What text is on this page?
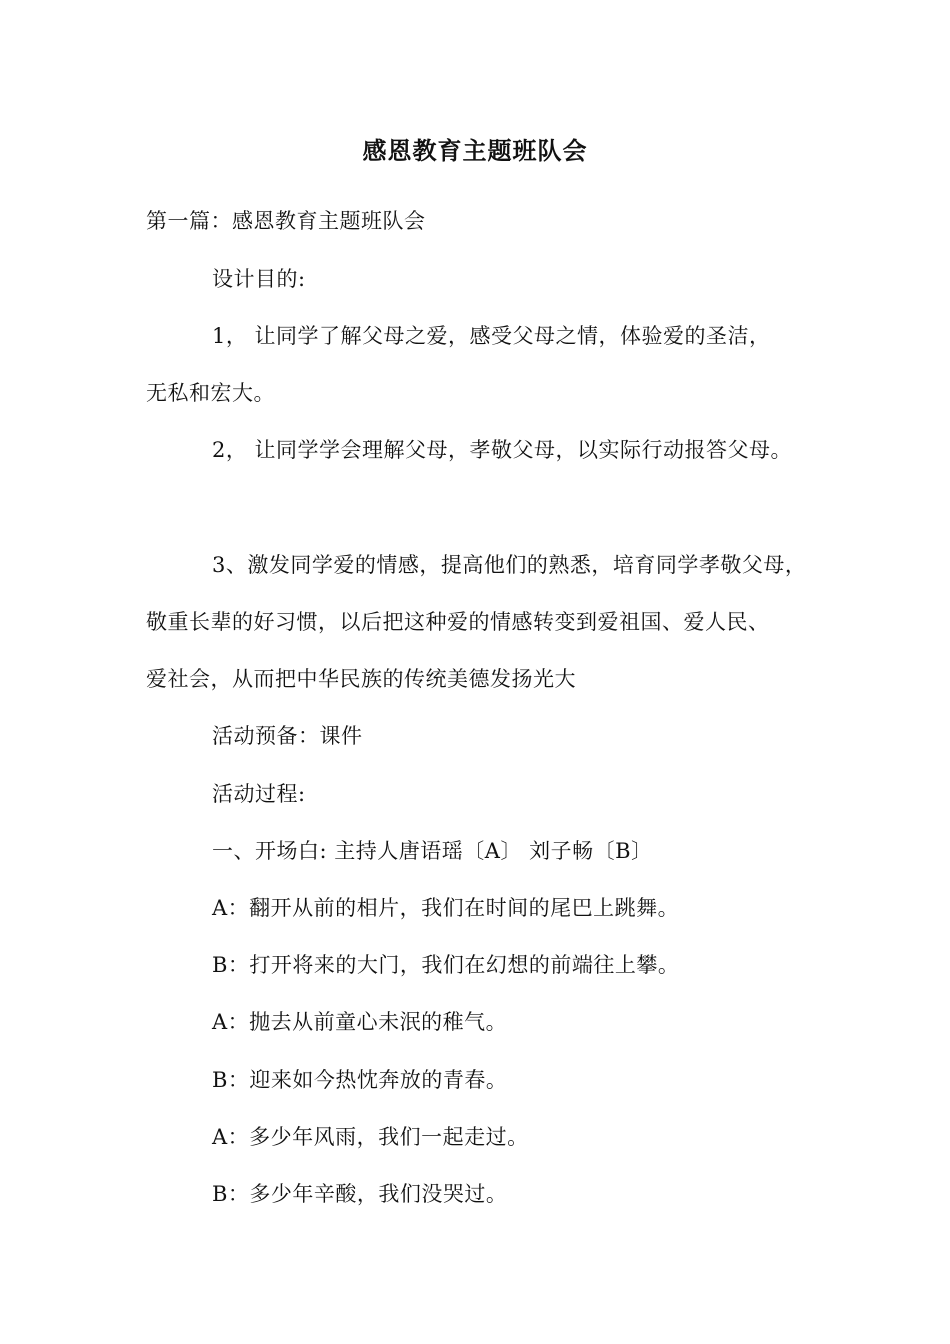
感恩教育主题班队会
第一篇：感恩教育主题班队会
设计目的:
1， 让同学了解父母之爱，感受父母之情，体验爱的圣洁，
无私和宏大。
2， 让同学学会理解父母，孝敬父母，以实际行动报答父母。
3、激发同学爱的情感，提高他们的熟悉，培育同学孝敬父母，
敬重长辈的好习惯，以后把这种爱的情感转变到爱祖国、爱人民、
爱社会，从而把中华民族的传统美德发扬光大
活动预备：课件
活动过程:
一、开场白: 主持人唐语瑶〔A〕 刘子畅〔B〕
A：翻开从前的相片，我们在时间的尾巴上跳舞。
B：打开将来的大门，我们在幻想的前端往上攀。
A：抛去从前童心未泯的稚气。
B：迎来如今热忱奔放的青春。
A：多少年风雨，我们一起走过。
B：多少年辛酸，我们没哭过。
